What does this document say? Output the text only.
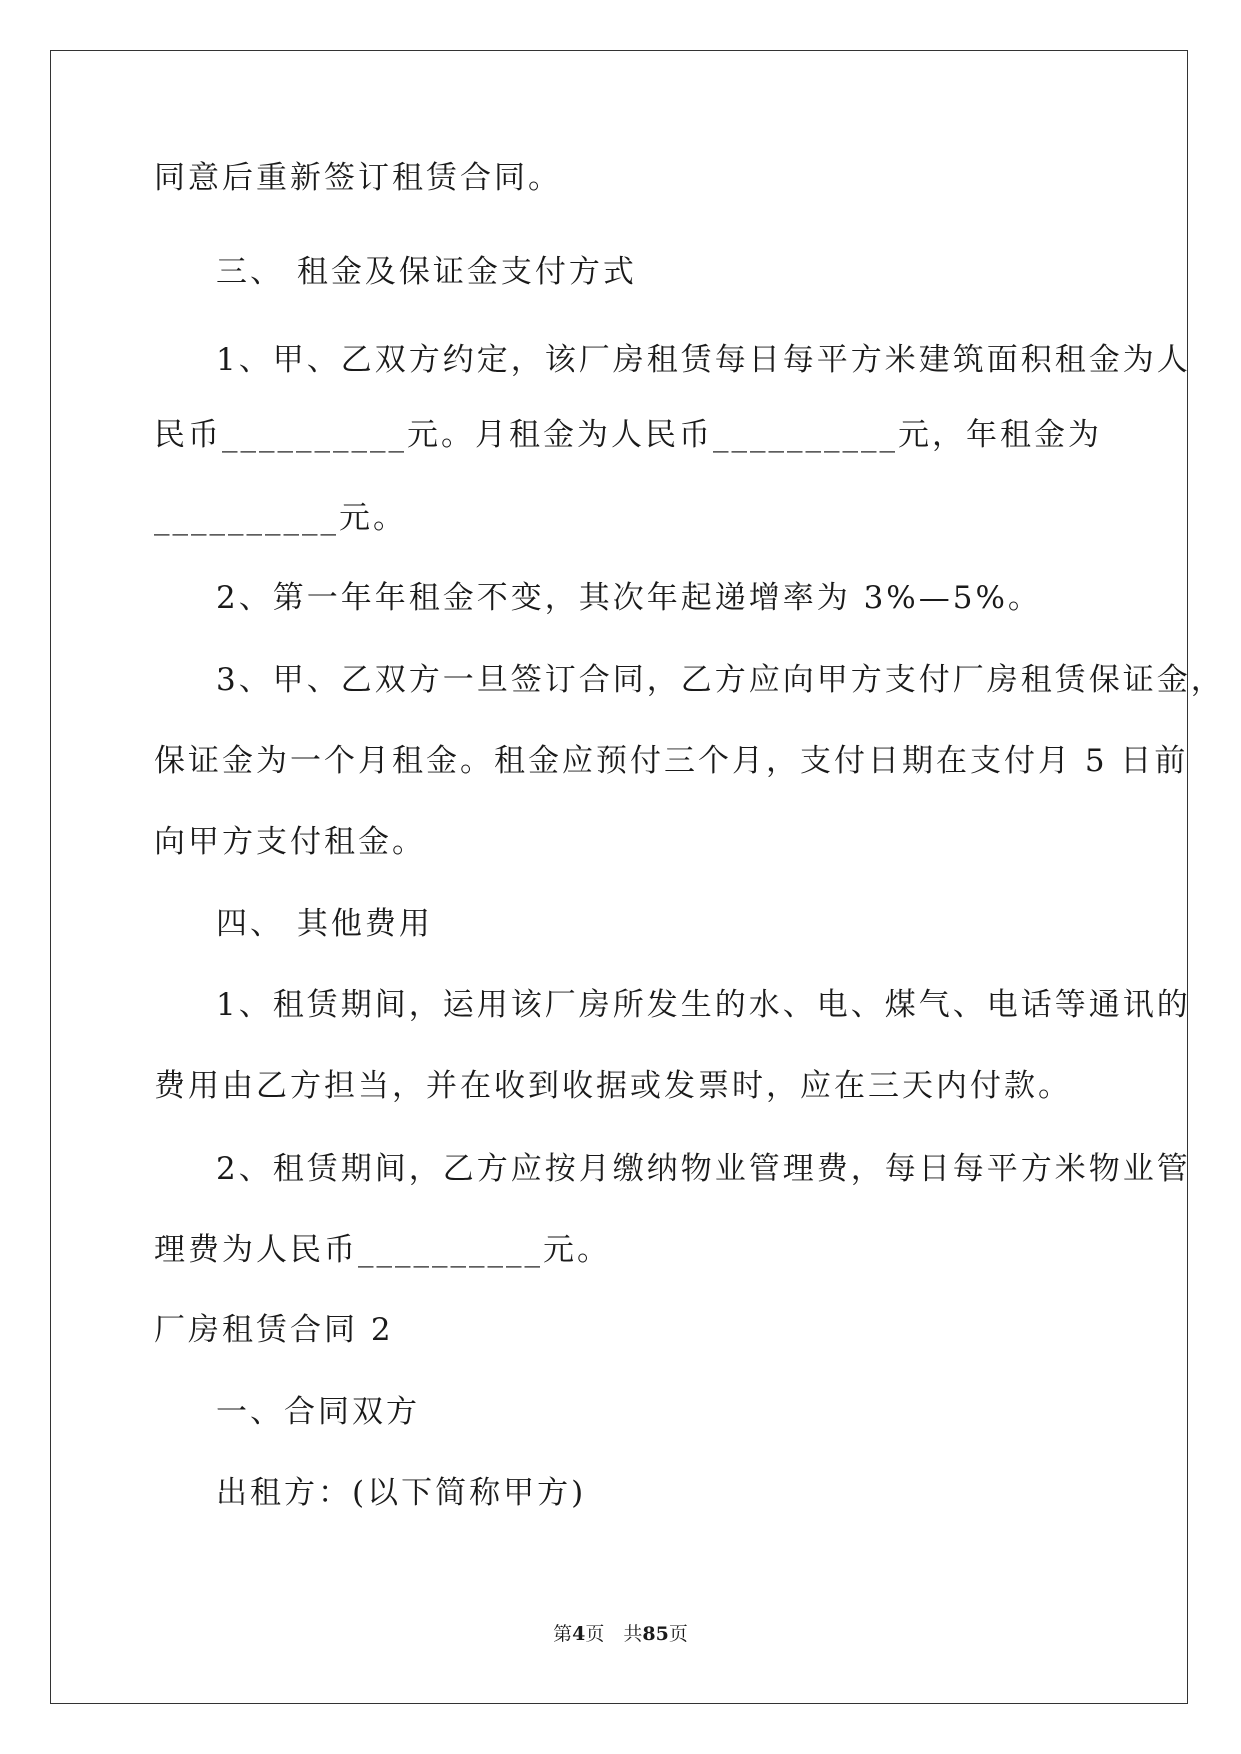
同意后重新签订租赁合同。
三、 租金及保证金支付方式
1、甲、乙双方约定，该厂房租赁每日每平方米建筑面积租金为人
民币__________元。月租金为人民币__________元，年租金为
__________元。
2、第一年年租金不变，其次年起递增率为 3%—5%。
3、甲、乙双方一旦签订合同，乙方应向甲方支付厂房租赁保证金，
保证金为一个月租金。租金应预付三个月，支付日期在支付月 5 日前
向甲方支付租金。
四、 其他费用
1、租赁期间，运用该厂房所发生的水、电、煤气、电话等通讯的
费用由乙方担当，并在收到收据或发票时，应在三天内付款。
2、租赁期间，乙方应按月缴纳物业管理费，每日每平方米物业管
理费为人民币__________元。
厂房租赁合同 2
一、合同双方
出租方：(以下简称甲方)
第4页　共85页
